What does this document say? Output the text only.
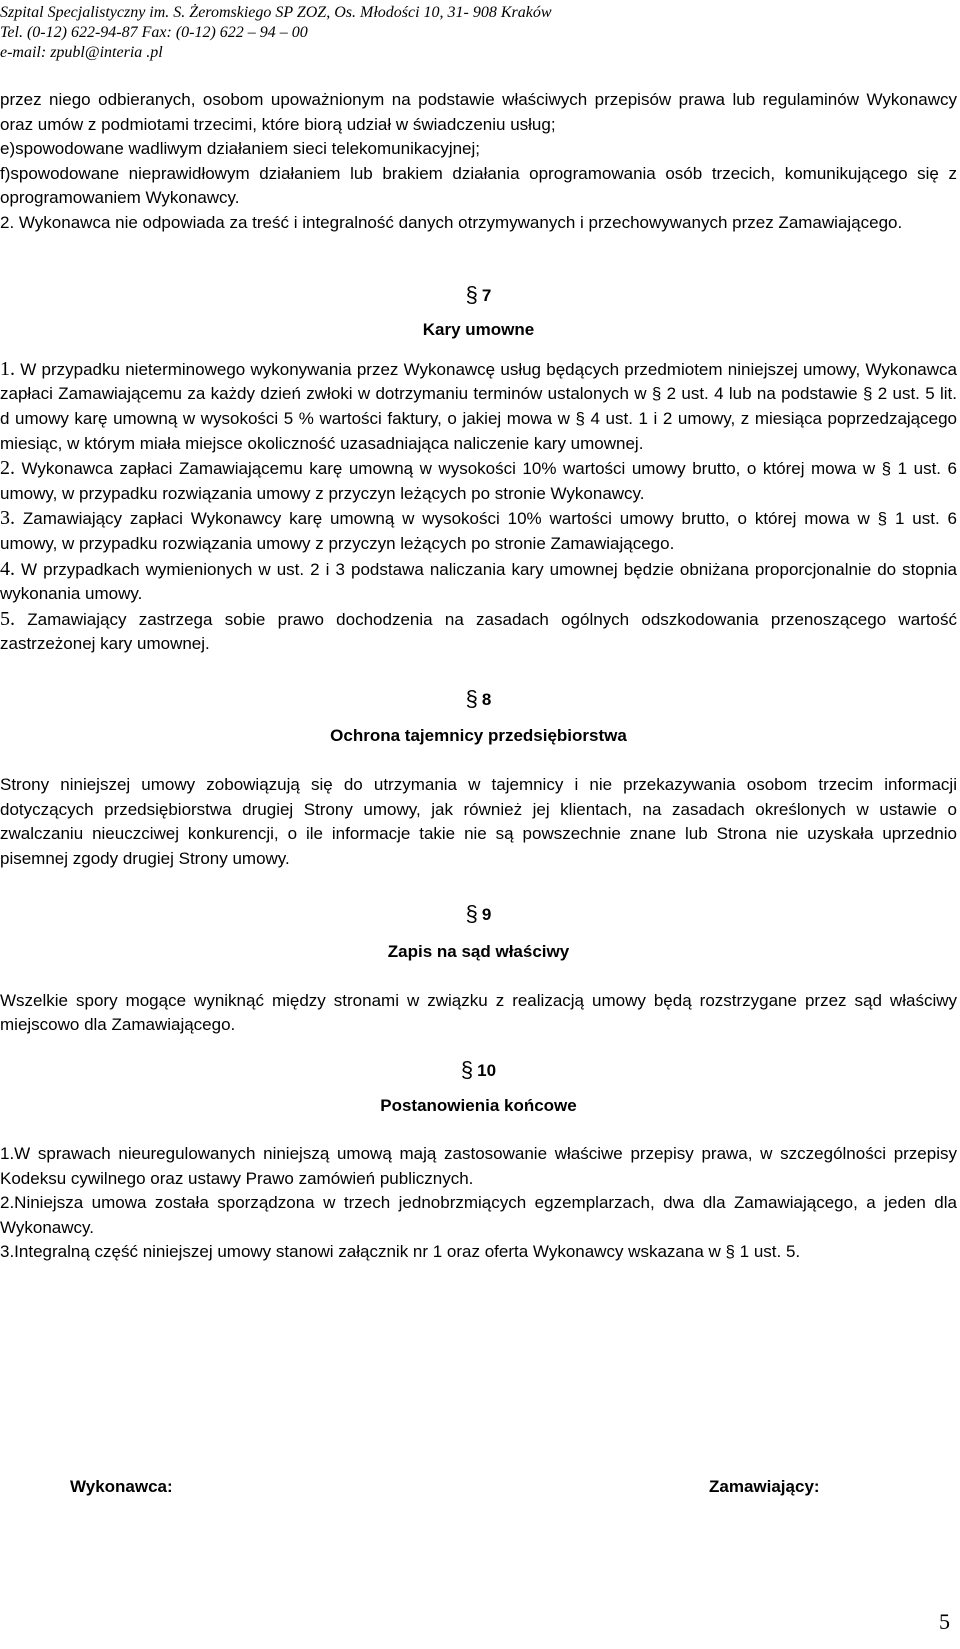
Szpital Specjalistyczny im. S. Żeromskiego SP ZOZ, Os. Młodości 10, 31- 908 Kraków
Tel. (0-12) 622-94-87 Fax: (0-12) 622 – 94 – 00
e-mail: zpubl@interia .pl

przez niego odbieranych, osobom upoważnionym na podstawie właściwych przepisów prawa lub regulaminów Wykonawcy oraz umów z podmiotami trzecimi, które biorą udział w świadczeniu usług;

e)spowodowane wadliwym działaniem sieci telekomunikacyjnej;

f)spowodowane nieprawidłowym działaniem lub brakiem działania oprogramowania osób trzecich, komunikującego się z oprogramowaniem Wykonawcy.

2. Wykonawca nie odpowiada za treść i integralność danych otrzymywanych i przechowywanych przez Zamawiającego.

§ 7

Kary umowne

1. W przypadku nieterminowego wykonywania przez Wykonawcę usług będących przedmiotem niniejszej umowy, Wykonawca zapłaci Zamawiającemu za każdy dzień zwłoki w dotrzymaniu terminów ustalonych w § 2 ust. 4 lub na podstawie § 2 ust. 5 lit. d umowy karę umowną w wysokości 5 % wartości faktury, o jakiej mowa w § 4 ust. 1 i 2 umowy, z miesiąca poprzedzającego miesiąc, w którym miała miejsce okoliczność uzasadniająca naliczenie kary umownej.

2. Wykonawca zapłaci Zamawiającemu karę umowną w wysokości 10% wartości umowy brutto, o której mowa w § 1 ust. 6 umowy, w przypadku rozwiązania umowy z przyczyn leżących po stronie Wykonawcy.

3. Zamawiający zapłaci Wykonawcy karę umowną w wysokości 10% wartości umowy brutto, o której mowa w § 1 ust. 6 umowy, w przypadku rozwiązania umowy z przyczyn leżących po stronie Zamawiającego.

4. W przypadkach wymienionych w ust. 2 i 3 podstawa naliczania kary umownej będzie obniżana proporcjonalnie do stopnia wykonania umowy.

5. Zamawiający zastrzega sobie prawo dochodzenia na zasadach ogólnych odszkodowania przenoszącego wartość zastrzeżonej kary umownej.

§ 8

Ochrona tajemnicy przedsiębiorstwa

Strony niniejszej umowy zobowiązują się do utrzymania w tajemnicy i nie przekazywania osobom trzecim informacji dotyczących przedsiębiorstwa drugiej Strony umowy, jak również jej klientach, na zasadach określonych w ustawie o zwalczaniu nieuczciwej konkurencji, o ile informacje takie nie są powszechnie znane lub Strona nie uzyskała uprzednio pisemnej zgody drugiej Strony umowy.

§ 9

Zapis na sąd właściwy

Wszelkie spory mogące wyniknąć między stronami w związku z realizacją umowy będą rozstrzygane przez sąd właściwy miejscowo dla Zamawiającego.

§ 10

Postanowienia końcowe

1.W sprawach nieuregulowanych niniejszą umową mają zastosowanie właściwe przepisy prawa, w szczególności przepisy Kodeksu cywilnego oraz ustawy Prawo zamówień publicznych.

2.Niniejsza umowa została sporządzona w trzech jednobrzmiących egzemplarzach, dwa dla Zamawiającego, a jeden dla Wykonawcy.

3.Integralną część niniejszej umowy stanowi załącznik nr 1 oraz oferta Wykonawcy wskazana w § 1 ust. 5.

Wykonawca:	Zamawiający:
5
